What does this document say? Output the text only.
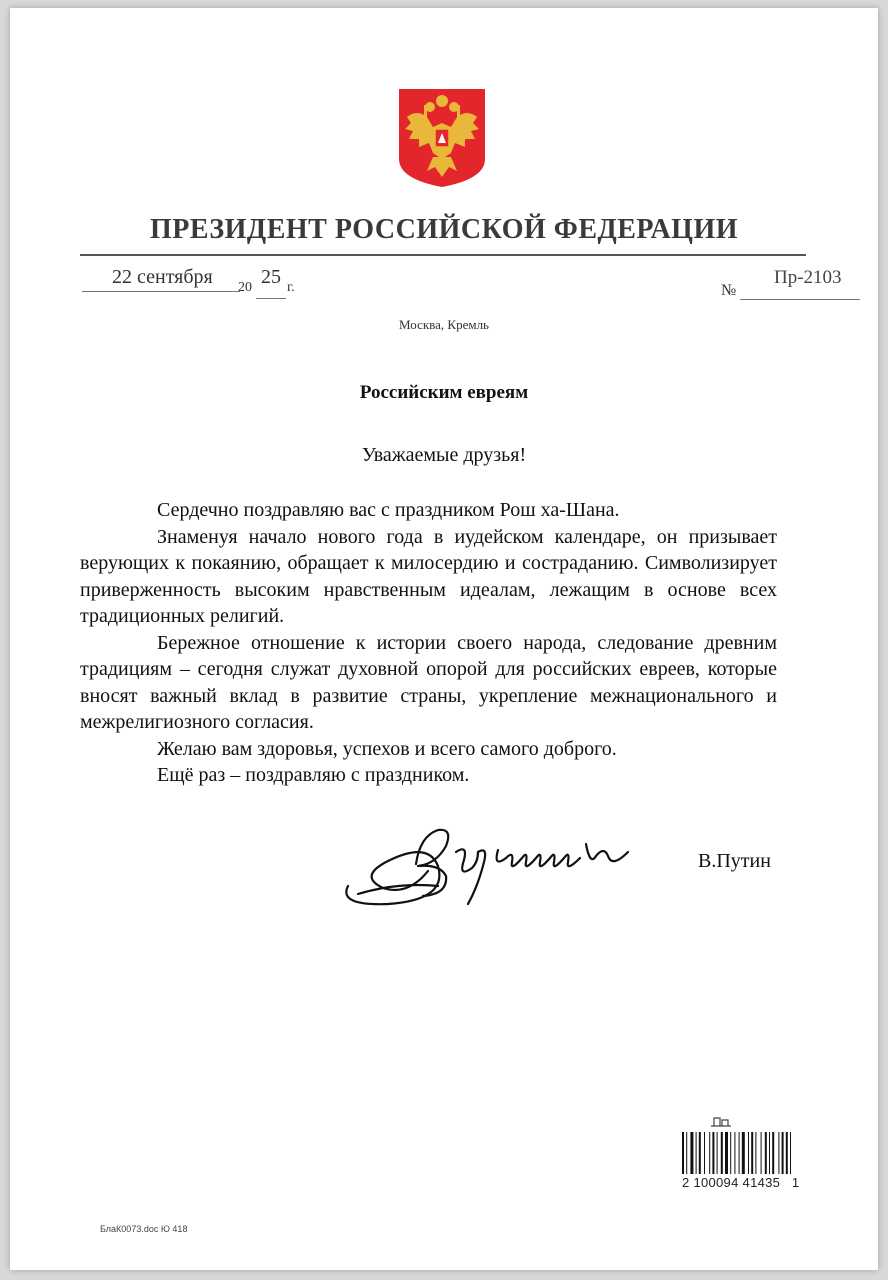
ПРЕЗИДЕНТ РОССИЙСКОЙ ФЕДЕРАЦИИ
22 сентября 20 25 г.	№
Пр-2103
Москва, Кремль
Российским евреям
Уважаемые друзья!

Сердечно поздравляю вас с праздником Рош ха-Шана.

Знаменуя начало нового года в иудейском календаре, он призывает верующих к покаянию, обращает к милосердию и состраданию. Символизирует приверженность высоким нравственным идеалам, лежащим в основе всех традиционных религий.

Бережное отношение к истории своего народа, следование древним традициям – сегодня служат духовной опорой для российских евреев, которые вносят важный вклад в развитие страны, укрепление межнационального и межрелигиозного согласия.

Желаю вам здоровья, успехов и всего самого доброго.

Ещё раз – поздравляю с праздником.

В.Путин
2 100094 41435   1
БлаК0073.doc Ю 418
